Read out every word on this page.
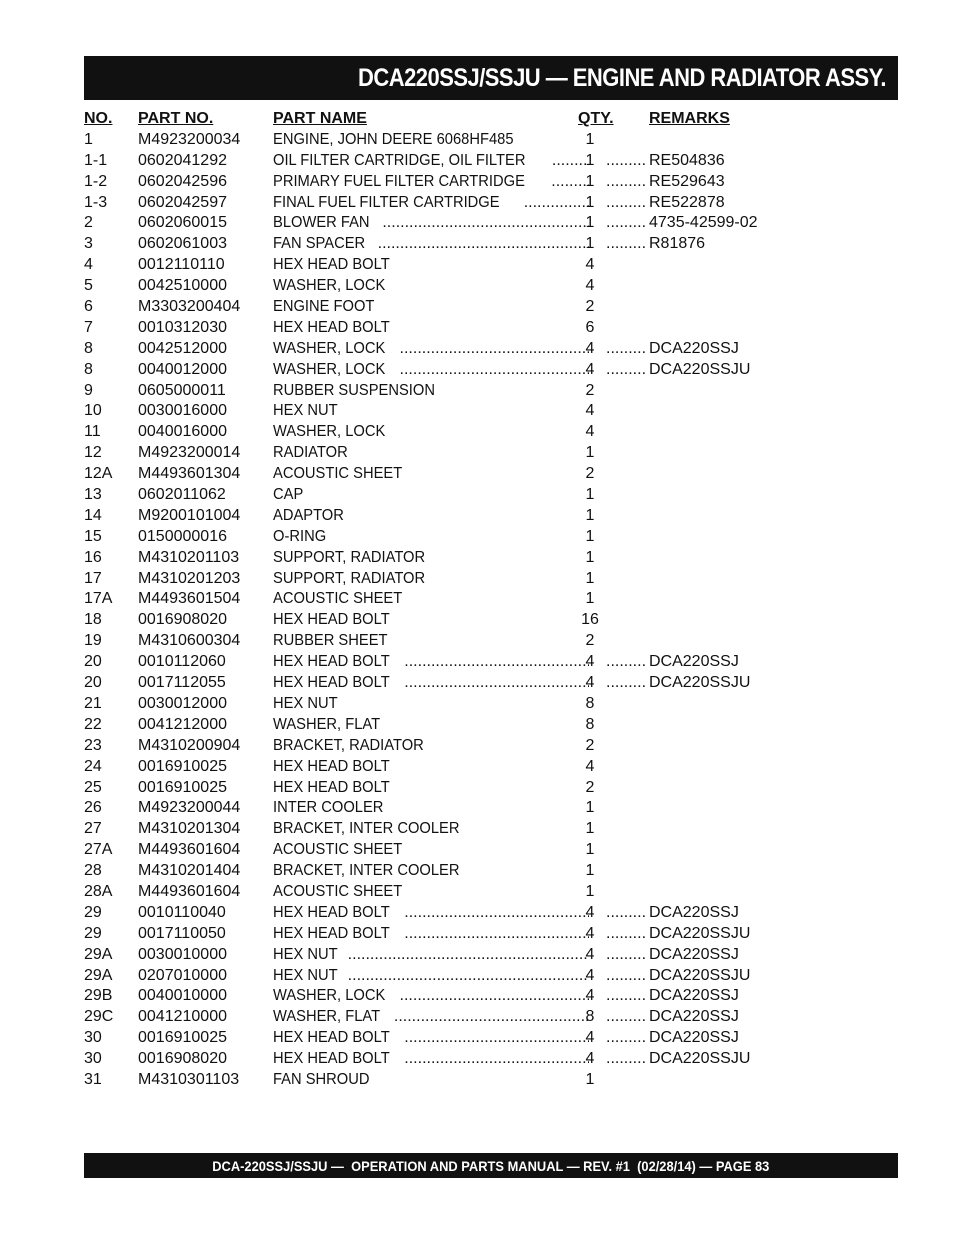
DCA220SSJ/SSJU — ENGINE AND RADIATOR ASSY.
NO. PART NO.	PART NAME	QTY. REMARKS
1	M4923200034 ENGINE, JOHN DEERE 6068HF485	1
1-1 0602041292	OIL FILTER CARTRIDGE, OIL FILTER .....	1 .....	RE504836
1-2 0602042596	PRIMARY FUEL FILTER CARTRIDGE .....	1 .....	RE529643
1-3 0602042597	FINAL FUEL FILTER CARTRIDGE .....	1 .....	RE522878
2	0602060015	BLOWER FAN .....	1 .....	4735-42599-02
3	0602061003	FAN SPACER .....	1 .....	R81876
4	0012110110	HEX HEAD BOLT	4
5	0042510000	WASHER, LOCK	4
6	M3303200404 ENGINE FOOT	2
7	0010312030	HEX HEAD BOLT	6
8	0042512000	WASHER, LOCK .....	4 .....	DCA220SSJ
8	0040012000	WASHER, LOCK .....	4 .....	DCA220SSJU
9	0605000011	RUBBER SUSPENSION	2
10 0030016000	HEX NUT	4
11 0040016000	WASHER, LOCK	4
12 M4923200014 RADIATOR	1
12A M4493601304 ACOUSTIC SHEET	2
13 0602011062	CAP	1
14 M9200101004 ADAPTOR	1
15 0150000016	O-RING	1
16 M4310201103 SUPPORT, RADIATOR	1
17 M4310201203 SUPPORT, RADIATOR	1
17A M4493601504 ACOUSTIC SHEET	1
18 0016908020	HEX HEAD BOLT	16
19 M4310600304 RUBBER SHEET	2
20 0010112060	HEX HEAD BOLT .....	4 .....	DCA220SSJ
20 0017112055	HEX HEAD BOLT .....	4 .....	DCA220SSJU
21 0030012000	HEX NUT	8
22 0041212000	WASHER, FLAT	8
23 M4310200904 BRACKET, RADIATOR	2
24 0016910025	HEX HEAD BOLT	4
25 0016910025	HEX HEAD BOLT	2
26 M4923200044 INTER COOLER	1
27 M4310201304 BRACKET, INTER COOLER	1
27A M4493601604 ACOUSTIC SHEET	1
28 M4310201404 BRACKET, INTER COOLER	1
28A M4493601604 ACOUSTIC SHEET	1
29 0010110040	HEX HEAD BOLT .....	4 .....	DCA220SSJ
29 0017110050	HEX HEAD BOLT .....	4 .....	DCA220SSJU
29A 0030010000	HEX NUT .....	4 .....	DCA220SSJ
29A 0207010000	HEX NUT .....	4 .....	DCA220SSJU
29B 0040010000	WASHER, LOCK .....	4 .....	DCA220SSJ
29C 0041210000	WASHER, FLAT .....	8 .....	DCA220SSJ
30 0016910025	HEX HEAD BOLT .....	4 .....	DCA220SSJ
30 0016908020	HEX HEAD BOLT .....	4 .....	DCA220SSJU
31 M4310301103 FAN SHROUD	1
DCA-220SSJ/SSJU —  OPERATION AND PARTS MANUAL — REV. #1  (02/28/14) — PAGE 83
